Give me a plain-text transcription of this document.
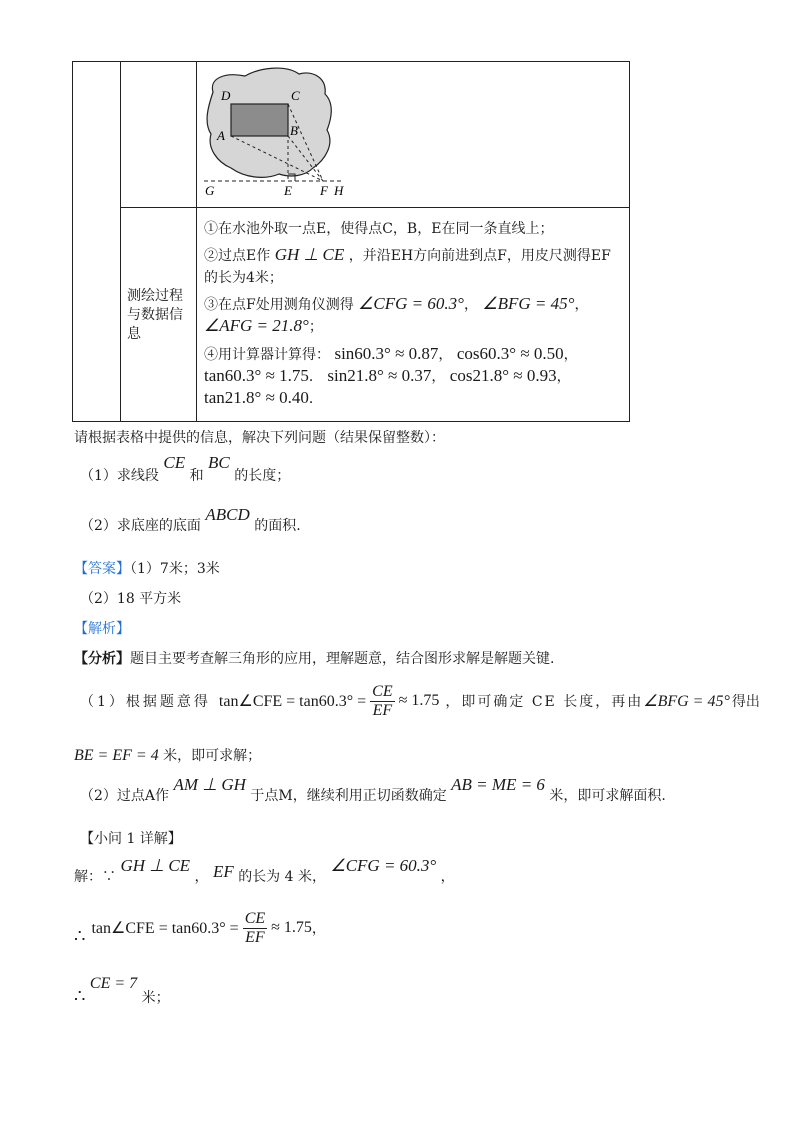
D	C
A	B
G	E F H
测绘过程
与数据信
息
①在水池外取一点E，使得点C，B，E在同一条直线上；
②过点E作 GH ⊥ CE ，并沿EH方向前进到点F，用皮尺测得EF
的长为4米；
③在点F处用测角仪测得 ∠CFG = 60.3°， ∠BFG = 45°，
∠AFG = 21.8°；
④用计算器计算得： sin60.3° ≈ 0.87， cos60.3° ≈ 0.50，
tan60.3° ≈ 1.75． sin21.8° ≈ 0.37， cos21.8° ≈ 0.93，
tan21.8° ≈ 0.40．
请根据表格中提供的信息，解决下列问题（结果保留整数）：
（1）求线段 CE 和 BC 的长度；
（2）求底座的底面 ABCD 的面积.
【答案】（1）7米；3米
（2）18 平方米
【解析】
【分析】题目主要考查解三角形的应用，理解题意，结合图形求解是解题关键.
（1）根据题意得 tan∠CFE = $\tan 60.3^\circ = \frac{CE}{EF} \approx 1.75$ ，即可确定 CE 长度，再由 ∠BFG = 45° 得出
BE = EF = 4 米，即可求解；
（2）过点A作 AM ⊥ GH 于点M，继续利用正切函数确定 AB = ME = 6 米，即可求解面积.
【小问 1 详解】
解：∵ GH ⊥ CE ， EF 的长为 4 米， ∠CFG = 60.3° ，
∴ tan∠CFE = $\tan 60.3^\circ = \frac{CE}{EF} \approx 1.75$ ，
∴ CE = 7 米；
